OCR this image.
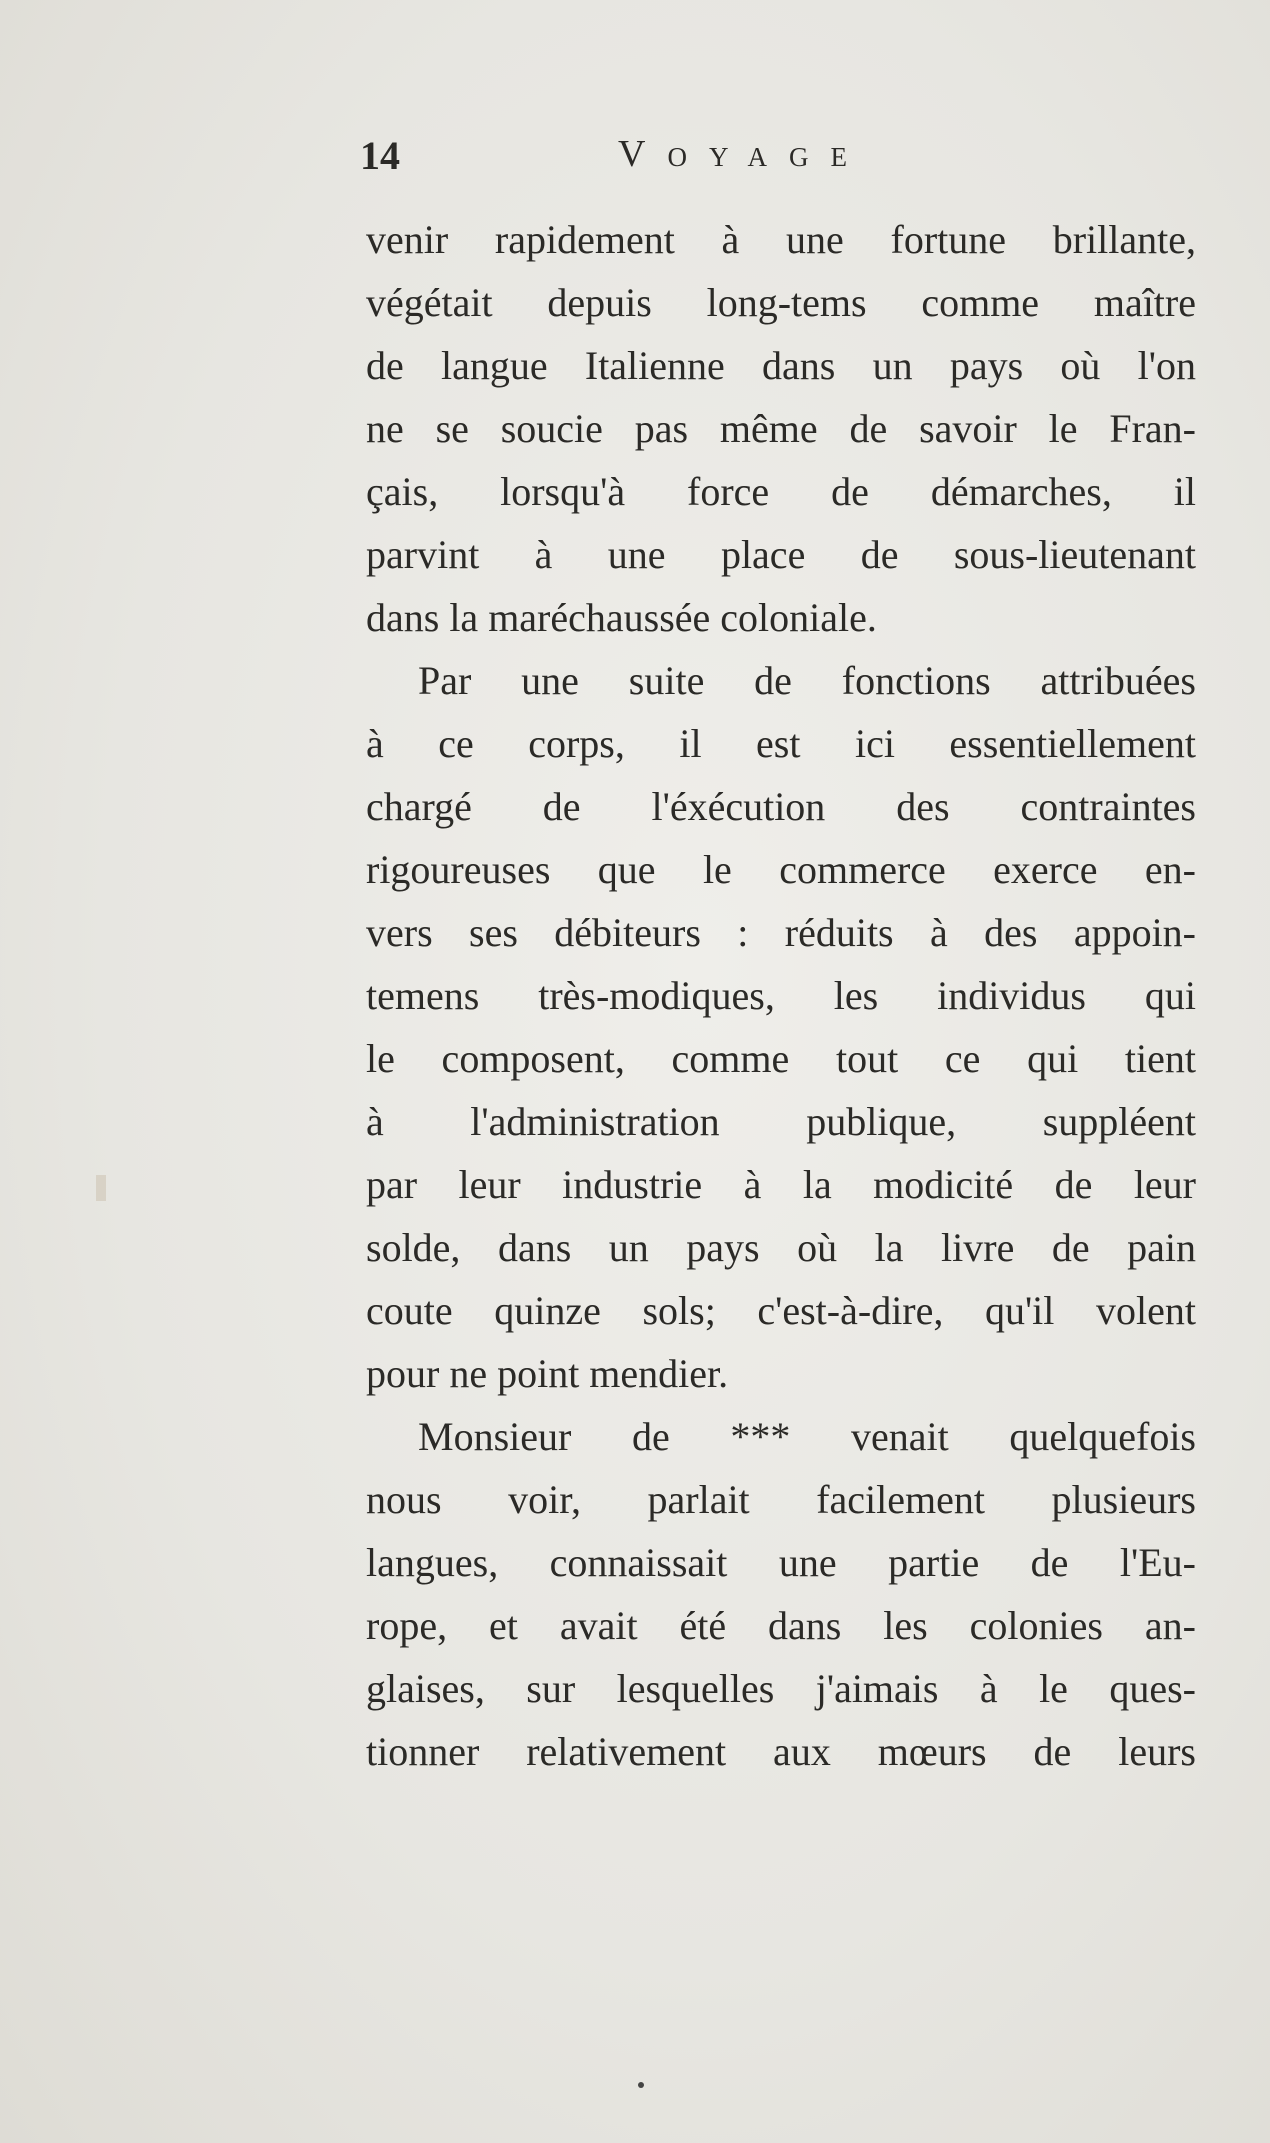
14	Voyage
venir rapidement à une fortune brillante,
végétait depuis long-tems comme maître
de langue Italienne dans un pays où l'on
ne se soucie pas même de savoir le Fran-
çais, lorsqu'à force de démarches, il
parvint à une place de sous-lieutenant
dans la maréchaussée coloniale.
Par une suite de fonctions attribuées
à ce corps, il est ici essentiellement
chargé de l'éxécution des contraintes
rigoureuses que le commerce exerce en-
vers ses débiteurs : réduits à des appoin-
temens très-modiques, les individus qui
le composent, comme tout ce qui tient
à l'administration publique, suppléent
par leur industrie à la modicité de leur
solde, dans un pays où la livre de pain
coute quinze sols; c'est-à-dire, qu'il volent
pour ne point mendier.
Monsieur de *** venait quelquefois
nous voir, parlait facilement plusieurs
langues, connaissait une partie de l'Eu-
rope, et avait été dans les colonies an-
glaises, sur lesquelles j'aimais à le ques-
tionner relativement aux mœurs de leurs
